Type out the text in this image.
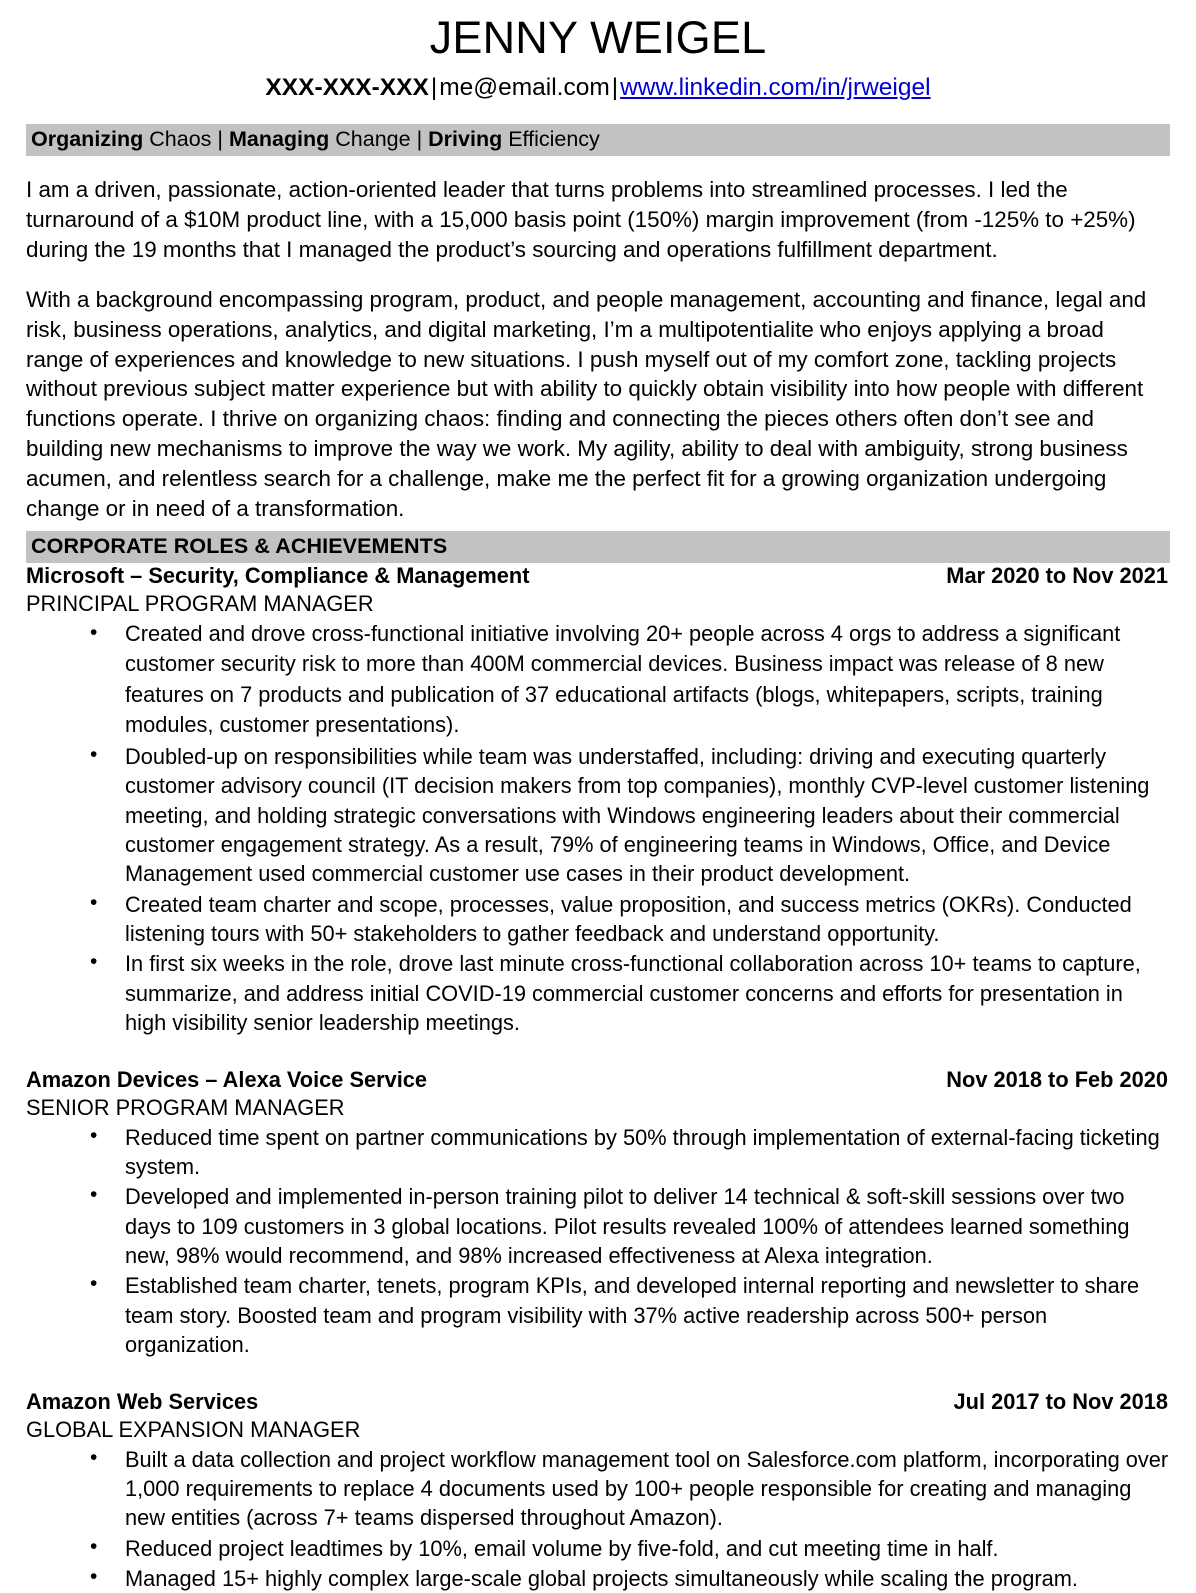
JENNY WEIGEL
XXX-XXX-XXX|me@email.com|www.linkedin.com/in/jrweigel
Organizing Chaos | Managing Change | Driving Efficiency

I am a driven, passionate, action-oriented leader that turns problems into streamlined processes. I led the turnaround of a $10M product line, with a 15,000 basis point (150%) margin improvement (from -125% to +25%) during the 19 months that I managed the product’s sourcing and operations fulfillment department.

With a background encompassing program, product, and people management, accounting and finance, legal and risk, business operations, analytics, and digital marketing, I’m a multipotentialite who enjoys applying a broad range of experiences and knowledge to new situations. I push myself out of my comfort zone, tackling projects without previous subject matter experience but with ability to quickly obtain visibility into how people with different functions operate. I thrive on organizing chaos: finding and connecting the pieces others often don’t see and building new mechanisms to improve the way we work. My agility, ability to deal with ambiguity, strong business acumen, and relentless search for a challenge, make me the perfect fit for a growing organization undergoing change or in need of a transformation.

CORPORATE ROLES & ACHIEVEMENTS
Microsoft – Security, Compliance & Management	Mar 2020 to Nov 2021
PRINCIPAL PROGRAM MANAGER
• Created and drove cross-functional initiative involving 20+ people across 4 orgs to address a significant customer security risk to more than 400M commercial devices. Business impact was release of 8 new features on 7 products and publication of 37 educational artifacts (blogs, whitepapers, scripts, training modules, customer presentations).
• Doubled-up on responsibilities while team was understaffed, including: driving and executing quarterly customer advisory council (IT decision makers from top companies), monthly CVP-level customer listening meeting, and holding strategic conversations with Windows engineering leaders about their commercial customer engagement strategy. As a result, 79% of engineering teams in Windows, Office, and Device Management used commercial customer use cases in their product development.
• Created team charter and scope, processes, value proposition, and success metrics (OKRs). Conducted listening tours with 50+ stakeholders to gather feedback and understand opportunity.
• In first six weeks in the role, drove last minute cross-functional collaboration across 10+ teams to capture, summarize, and address initial COVID-19 commercial customer concerns and efforts for presentation in high visibility senior leadership meetings.
Amazon Devices – Alexa Voice Service	Nov 2018 to Feb 2020
SENIOR PROGRAM MANAGER
• Reduced time spent on partner communications by 50% through implementation of external-facing ticketing system.
• Developed and implemented in-person training pilot to deliver 14 technical & soft-skill sessions over two days to 109 customers in 3 global locations. Pilot results revealed 100% of attendees learned something new, 98% would recommend, and 98% increased effectiveness at Alexa integration.
• Established team charter, tenets, program KPIs, and developed internal reporting and newsletter to share team story. Boosted team and program visibility with 37% active readership across 500+ person organization.
Amazon Web Services	Jul 2017 to Nov 2018
GLOBAL EXPANSION MANAGER
• Built a data collection and project workflow management tool on Salesforce.com platform, incorporating over 1,000 requirements to replace 4 documents used by 100+ people responsible for creating and managing new entities (across 7+ teams dispersed throughout Amazon).
• Reduced project leadtimes by 10%, email volume by five-fold, and cut meeting time in half.
• Managed 15+ highly complex large-scale global projects simultaneously while scaling the program.
